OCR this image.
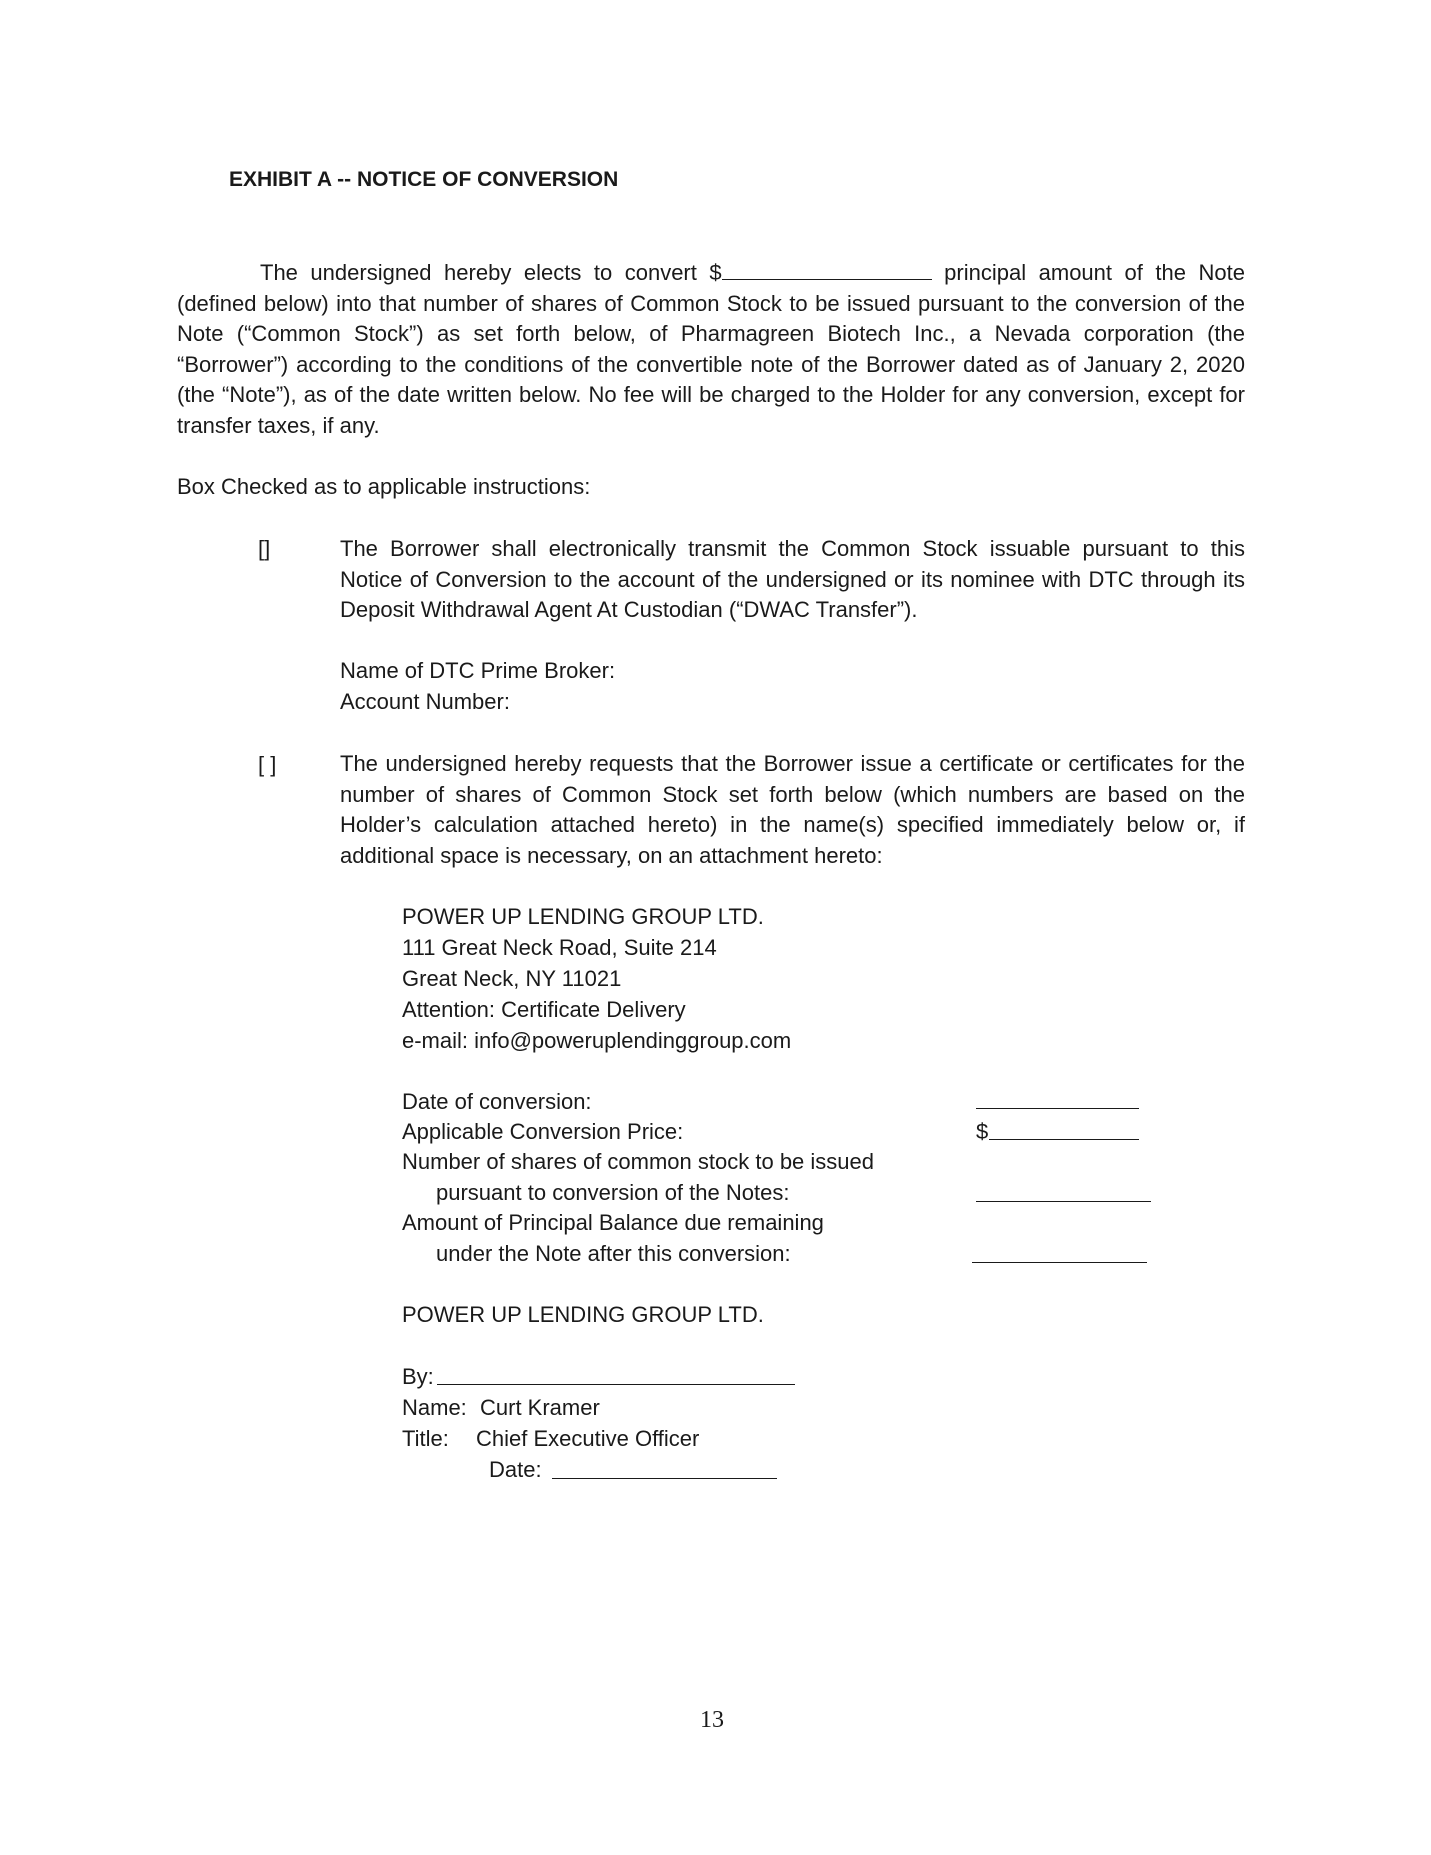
EXHIBIT A -- NOTICE OF CONVERSION
The undersigned hereby elects to convert $	principal amount of the Note (defined below) into that number of shares of Common Stock to be issued pursuant to the conversion of the Note (“Common Stock”) as set forth below, of Pharmagreen Biotech Inc., a Nevada corporation (the “Borrower”) according to the conditions of the convertible note of the Borrower dated as of January 2, 2020 (the “Note”), as of the date written below. No fee will be charged to the Holder for any conversion, except for transfer taxes, if any.
Box Checked as to applicable instructions:
[]	The Borrower shall electronically transmit the Common Stock issuable pursuant to this Notice of Conversion to the account of the undersigned or its nominee with DTC through its Deposit Withdrawal Agent At Custodian (“DWAC Transfer”).
Name of DTC Prime Broker:
Account Number:
[ ]	The undersigned hereby requests that the Borrower issue a certificate or certificates for the number of shares of Common Stock set forth below (which numbers are based on the Holder’s calculation attached hereto) in the name(s) specified immediately below or, if additional space is necessary, on an attachment hereto:
POWER UP LENDING GROUP LTD.
111 Great Neck Road, Suite 214
Great Neck, NY 11021
Attention: Certificate Delivery
e-mail: info@poweruplendinggroup.com
Date of conversion:
Applicable Conversion Price:	$
Number of shares of common stock to be issued
pursuant to conversion of the Notes:
Amount of Principal Balance due remaining
under the Note after this conversion:
POWER UP LENDING GROUP LTD.
By:
Name: Curt Kramer
Title: Chief Executive Officer
Date:
13
